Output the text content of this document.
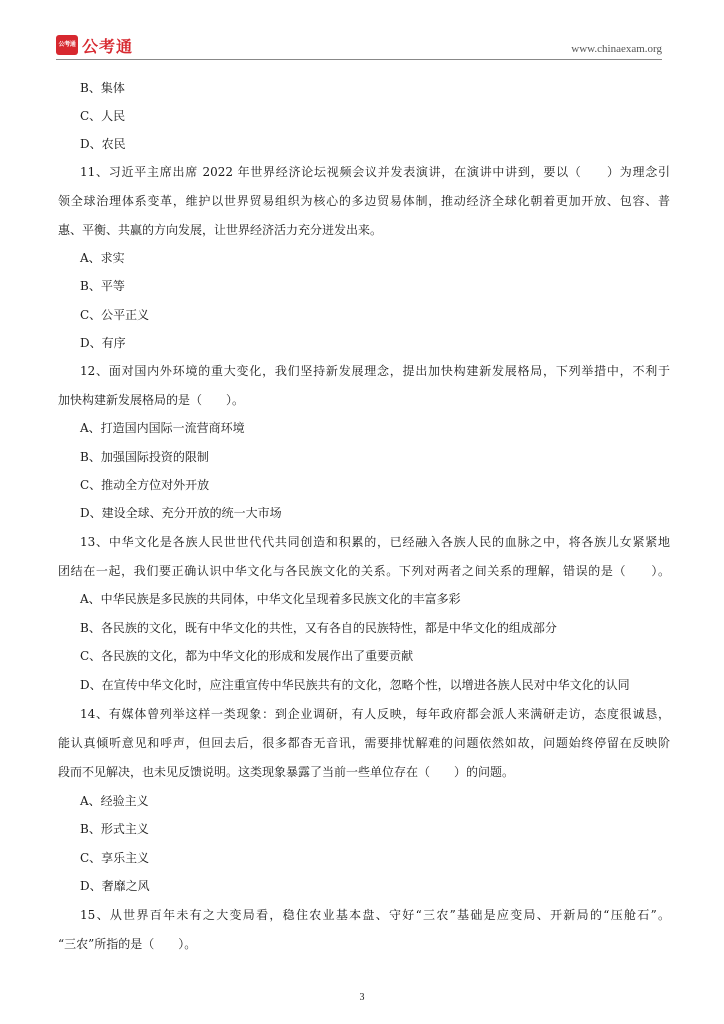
公考通 公考通	www.chinaexam.org
B、集体
C、人民
D、农民
11、习近平主席出席 2022 年世界经济论坛视频会议并发表演讲，在演讲中讲到，要以（　　）为理念引
领全球治理体系变革，维护以世界贸易组织为核心的多边贸易体制，推动经济全球化朝着更加开放、包容、普
惠、平衡、共赢的方向发展，让世界经济活力充分迸发出来。
A、求实
B、平等
C、公平正义
D、有序
12、面对国内外环境的重大变化，我们坚持新发展理念，提出加快构建新发展格局，下列举措中，不利于
加快构建新发展格局的是（　　）。
A、打造国内国际一流营商环境
B、加强国际投资的限制
C、推动全方位对外开放
D、建设全球、充分开放的统一大市场
13、中华文化是各族人民世世代代共同创造和积累的，已经融入各族人民的血脉之中，将各族儿女紧紧地
团结在一起，我们要正确认识中华文化与各民族文化的关系。下列对两者之间关系的理解，错误的是（　　）。
A、中华民族是多民族的共同体，中华文化呈现着多民族文化的丰富多彩
B、各民族的文化，既有中华文化的共性，又有各自的民族特性，都是中华文化的组成部分
C、各民族的文化，都为中华文化的形成和发展作出了重要贡献
D、在宣传中华文化时，应注重宣传中华民族共有的文化，忽略个性，以增进各族人民对中华文化的认同
14、有媒体曾列举这样一类现象：到企业调研，有人反映，每年政府都会派人来满研走访，态度很诚恳，
能认真倾听意见和呼声，但回去后，很多都杳无音讯，需要排忧解难的问题依然如故，问题始终停留在反映阶
段而不见解决，也未见反馈说明。这类现象暴露了当前一些单位存在（　　）的问题。
A、经验主义
B、形式主义
C、享乐主义
D、奢靡之风
15、从世界百年未有之大变局看，稳住农业基本盘、守好“三农”基础是应变局、开新局的“压舱石”。
“三农”所指的是（　　）。
3
